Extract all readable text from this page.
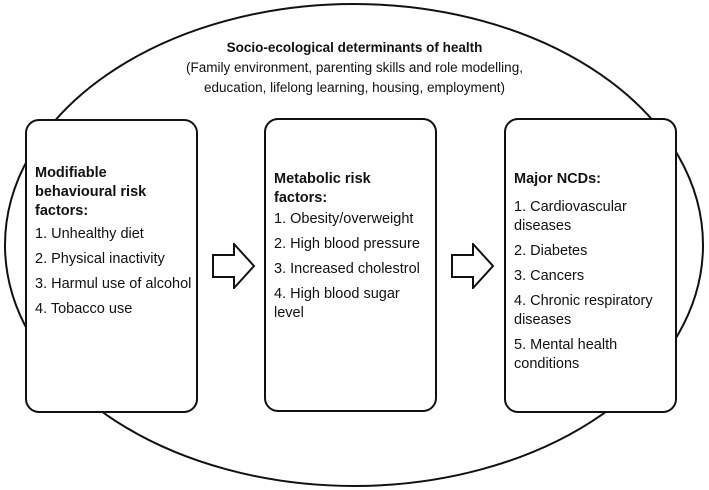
Socio-ecological determinants of health
(Family environment, parenting skills and role modelling,
education, lifelong learning, housing, employment)
Modifiable
behavioural risk
factors:
1. Unhealthy diet
2. Physical inactivity
3. Harmul use of alcohol
4. Tobacco use
Metabolic risk
factors:
1. Obesity/overweight
2. High blood pressure
3. Increased cholestrol
4. High blood sugar level
Major NCDs:
1. Cardiovascular diseases
2. Diabetes
3. Cancers
4. Chronic respiratory diseases
5. Mental health conditions
